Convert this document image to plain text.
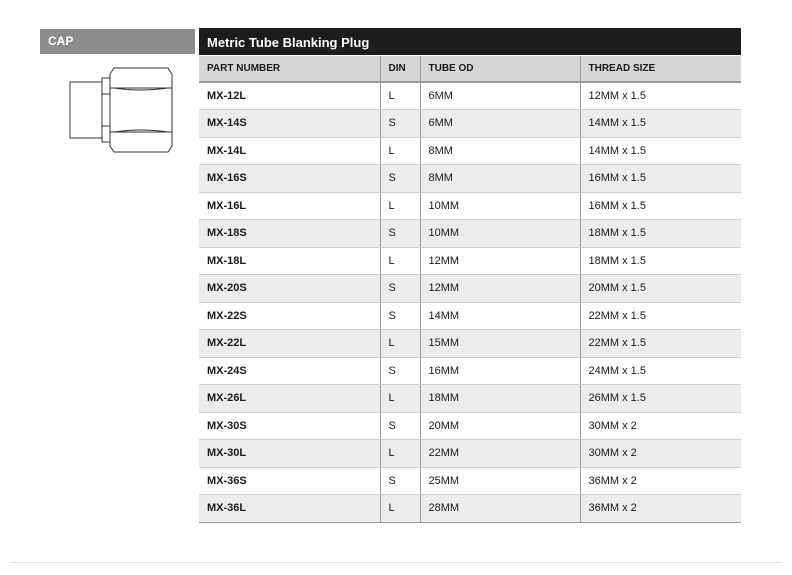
CAP	Metric Tube Blanking Plug
PART NUMBER	DIN	TUBE OD	THREAD SIZE
MX-12L	L	6MM	12MM x 1.5
MX-14S	S	6MM	14MM x 1.5
MX-14L	L	8MM	14MM x 1.5
MX-16S	S	8MM	16MM x 1.5
MX-16L	L	10MM	16MM x 1.5
MX-18S	S	10MM	18MM x 1.5
MX-18L	L	12MM	18MM x 1.5
MX-20S	S	12MM	20MM x 1.5
MX-22S	S	14MM	22MM x 1.5
MX-22L	L	15MM	22MM x 1.5
MX-24S	S	16MM	24MM x 1.5
MX-26L	L	18MM	26MM x 1.5
MX-30S	S	20MM	30MM x 2
MX-30L	L	22MM	30MM x 2
MX-36S	S	25MM	36MM x 2
MX-36L	L	28MM	36MM x 2
